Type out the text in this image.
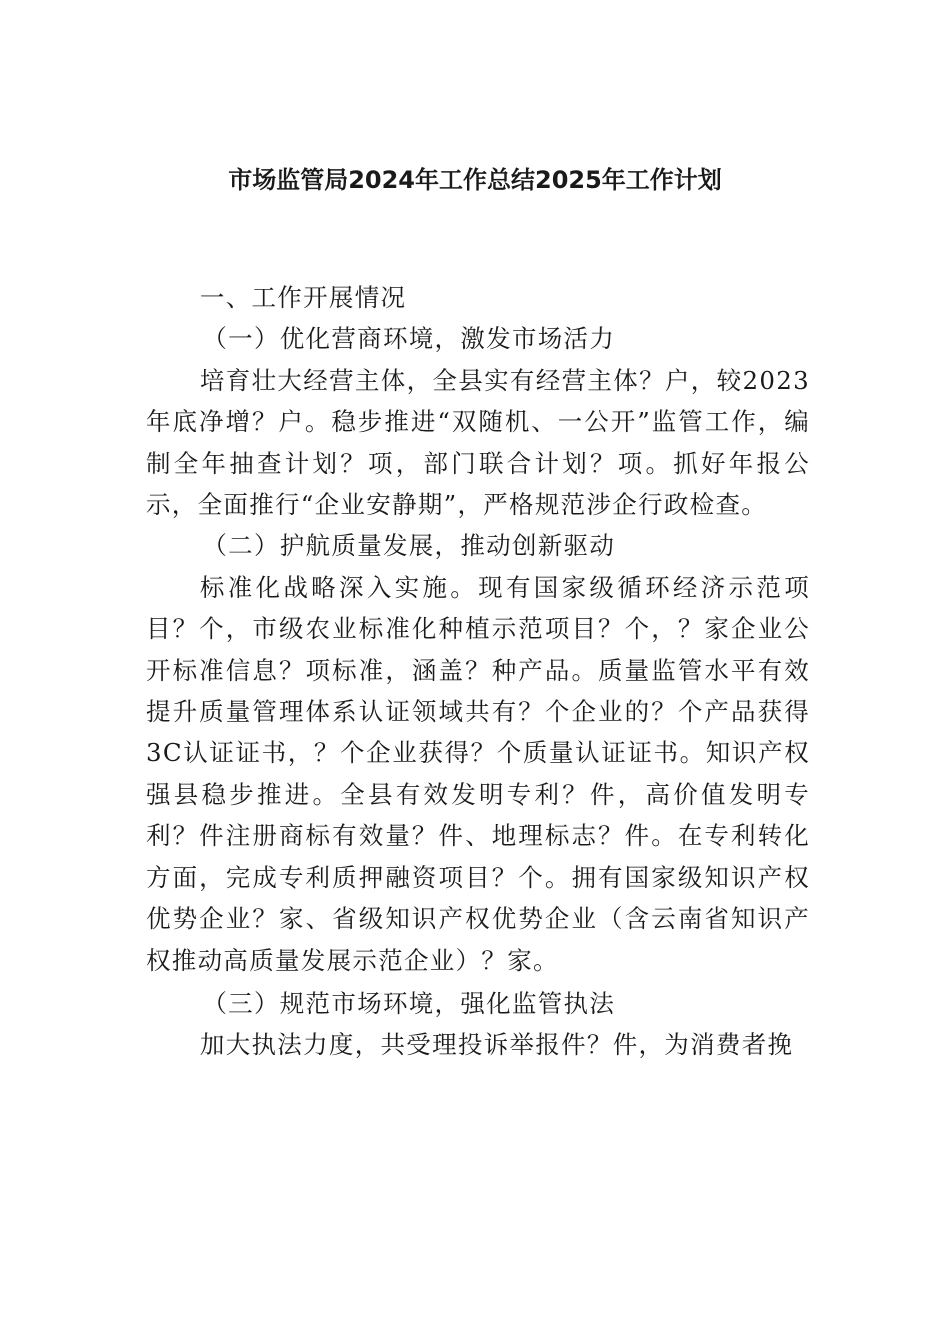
市场监管局2024年工作总结2025年工作计划

一、工作开展情况

（一）优化营商环境，激发市场活力

培育壮大经营主体，全县实有经营主体？户，较2023年底净增？户。稳步推进“双随机、一公开”监管工作，编制全年抽查计划？项，部门联合计划？项。抓好年报公示，全面推行“企业安静期”，严格规范涉企行政检查。

（二）护航质量发展，推动创新驱动

标准化战略深入实施。现有国家级循环经济示范项目？个，市级农业标准化种植示范项目？个，？家企业公开标准信息？项标准，涵盖？种产品。质量监管水平有效提升质量管理体系认证领域共有？个企业的？个产品获得3C认证证书，？个企业获得？个质量认证证书。知识产权强县稳步推进。全县有效发明专利？件，高价值发明专利？件注册商标有效量？件、地理标志？件。在专利转化方面，完成专利质押融资项目？个。拥有国家级知识产权优势企业？家、省级知识产权优势企业（含云南省知识产权推动高质量发展示范企业）？家。

（三）规范市场环境，强化监管执法

加大执法力度，共受理投诉举报件？件，为消费者挽
